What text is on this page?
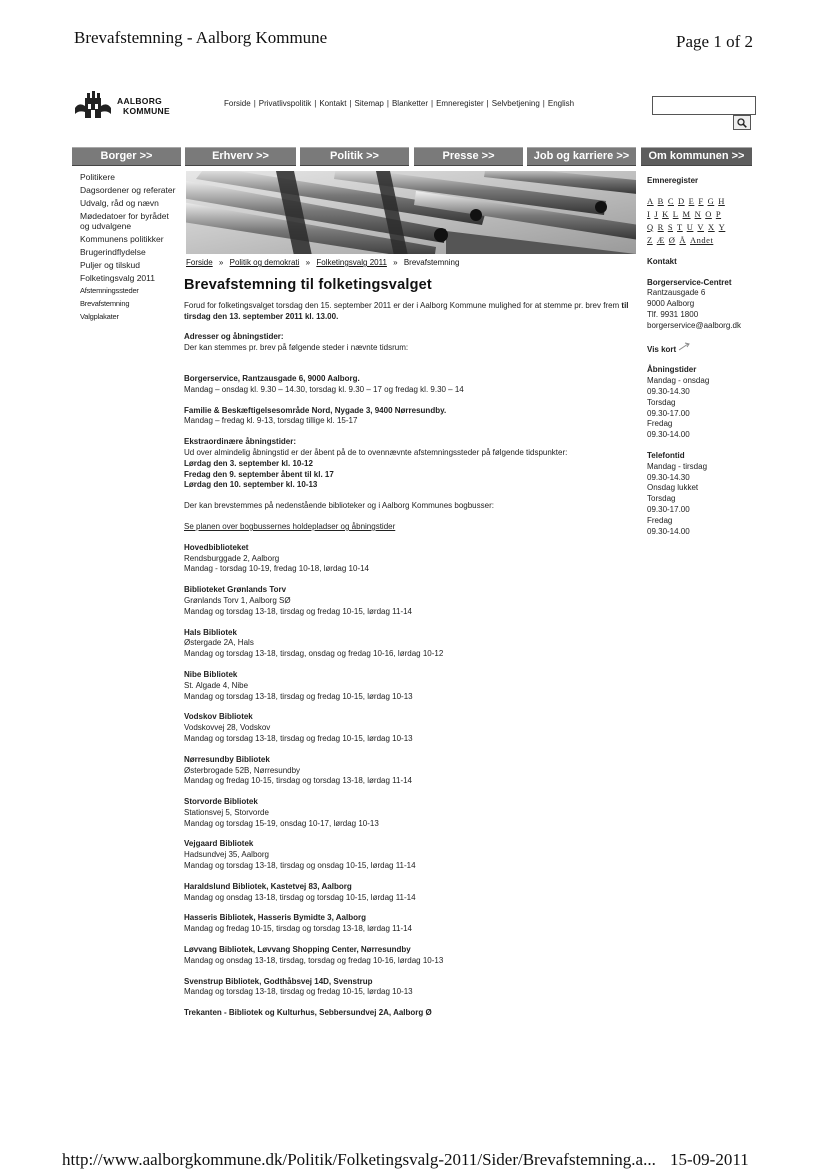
Brevafstemning - Aalborg Kommune	Page 1 of 2
AALBORG
KOMMUNE
Forside | Privatlivspolitik | Kontakt | Sitemap | Blanketter | Emneregister | Selvbetjening | English
Borger >>	Erhverv >>	Politik >>	Presse >>	Job og karriere >>	Om kommunen >>
Politikere
Dagsordener og referater
Udvalg, råd og nævn
Mødedatoer for byrådet og udvalgene
Kommunens politikker
Brugerindflydelse
Puljer og tilskud
Folketingsvalg 2011
Afstemningssteder
Brevafstemning
Valgplakater
Forside » Politik og demokrati » Folketingsvalg 2011 » Brevafstemning
Brevafstemning til folketingsvalget

Forud for folketingsvalget torsdag den 15. september 2011 er der i Aalborg Kommune mulighed for at stemme pr. brev frem til tirsdag den 13. september 2011 kl. 13.00.

Adresser og åbningstider:
Der kan stemmes pr. brev på følgende steder i nævnte tidsrum:
Borgerservice, Rantzausgade 6, 9000 Aalborg.
Mandag – onsdag kl. 9.30 – 14.30, torsdag kl. 9.30 – 17 og fredag kl. 9.30 – 14
Familie & Beskæftigelsesområde Nord, Nygade 3, 9400 Nørresundby.
Mandag – fredag kl. 9-13, torsdag tillige kl. 15-17
Ekstraordinære åbningstider:
Ud over almindelig åbningstid er der åbent på de to ovennævnte afstemningssteder på følgende tidspunkter:
Lørdag den 3. september kl. 10-12
Fredag den 9. september åbent til kl. 17
Lørdag den 10. september kl. 10-13
Der kan brevstemmes på nedenstående biblioteker og i Aalborg Kommunes bogbusser:
Se planen over bogbussernes holdepladser og åbningstider
Hovedbiblioteket
Rendsburggade 2, Aalborg
Mandag - torsdag 10-19, fredag 10-18, lørdag 10-14
Biblioteket Grønlands Torv
Grønlands Torv 1, Aalborg SØ
Mandag og torsdag 13-18, tirsdag og fredag 10-15, lørdag 11-14
Hals Bibliotek
Østergade 2A, Hals
Mandag og torsdag 13-18, tirsdag, onsdag og fredag 10-16, lørdag 10-12
Nibe Bibliotek
St. Algade 4, Nibe
Mandag og torsdag 13-18, tirsdag og fredag 10-15, lørdag 10-13
Vodskov Bibliotek
Vodskovvej 28, Vodskov
Mandag og torsdag 13-18, tirsdag og fredag 10-15, lørdag 10-13
Nørresundby Bibliotek
Østerbrogade 52B, Nørresundby
Mandag og fredag 10-15, tirsdag og torsdag 13-18, lørdag 11-14
Storvorde Bibliotek
Stationsvej 5, Storvorde
Mandag og torsdag 15-19, onsdag 10-17, lørdag 10-13
Vejgaard Bibliotek
Hadsundvej 35, Aalborg
Mandag og torsdag 13-18, tirsdag og onsdag 10-15, lørdag 11-14
Haraldslund Bibliotek, Kastetvej 83, Aalborg
Mandag og onsdag 13-18, tirsdag og torsdag 10-15, lørdag 11-14
Hasseris Bibliotek, Hasseris Bymidte 3, Aalborg
Mandag og fredag 10-15, tirsdag og torsdag 13-18, lørdag 11-14
Løvvang Bibliotek, Løvvang Shopping Center, Nørresundby
Mandag og onsdag 13-18, tirsdag, torsdag og fredag 10-16, lørdag 10-13
Svenstrup Bibliotek, Godthåbsvej 14D, Svenstrup
Mandag og torsdag 13-18, tirsdag og fredag 10-15, lørdag 10-13
Trekanten - Bibliotek og Kulturhus, Sebbersundvej 2A, Aalborg Ø
Emneregister
A B C D E F G H
I J K L M N O P
Q R S T U V X Y
Z Æ Ø Å Andet
Kontakt
Borgerservice-Centret
Rantzausgade 6
9000 Aalborg
Tlf. 9931 1800
borgerservice@aalborg.dk
Vis kort
Åbningstider
Mandag - onsdag
09.30-14.30
Torsdag
09.30-17.00
Fredag
09.30-14.00
Telefontid
Mandag - tirsdag
09.30-14.30
Onsdag lukket
Torsdag
09.30-17.00
Fredag
09.30-14.00
http://www.aalborgkommune.dk/Politik/Folketingsvalg-2011/Sider/Brevafstemning.a... 15-09-2011
